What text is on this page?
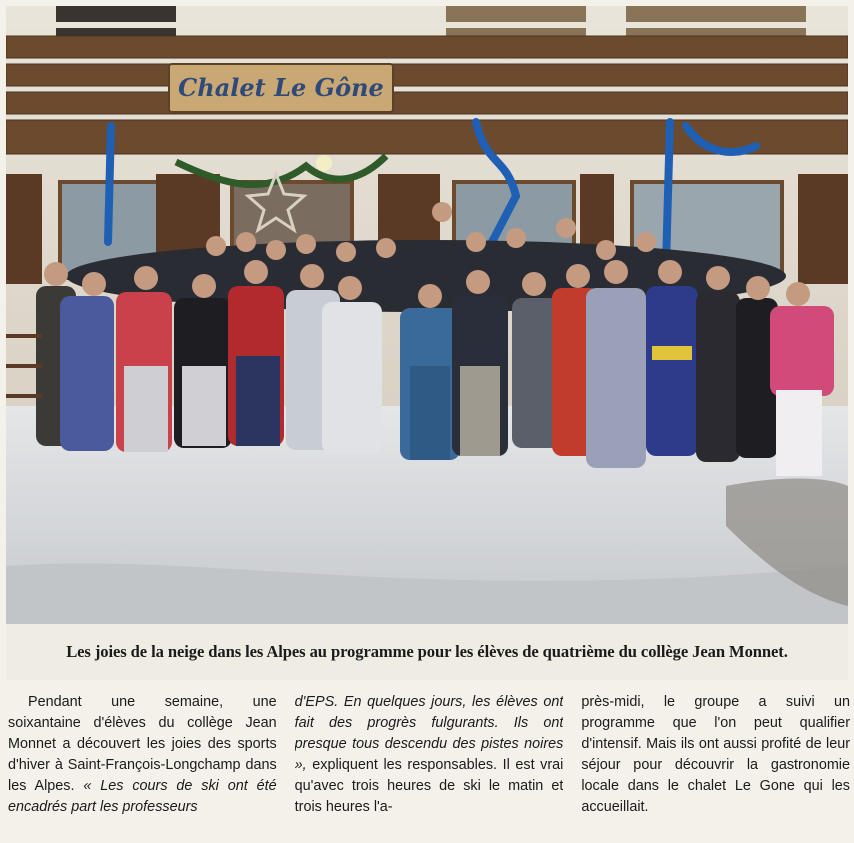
Chalet Le Gône
Les joies de la neige dans les Alpes au programme pour les élèves de quatrième du collège Jean Monnet.

Pendant une semaine, une soixantaine d'élèves du collège Jean Monnet a découvert les joies des sports d'hiver à Saint-François-Longchamp dans les Alpes. « Les cours de ski ont été encadrés part les professeurs

d'EPS. En quelques jours, les élèves ont fait des progrès fulgurants. Ils ont presque tous descendu des pistes noires », expliquent les responsables. Il est vrai qu'avec trois heures de ski le matin et trois heures l'a-

près-midi, le groupe a suivi un programme que l'on peut qualifier d'intensif. Mais ils ont aussi profité de leur séjour pour découvrir la gastronomie locale dans le chalet Le Gone qui les accueillait.
